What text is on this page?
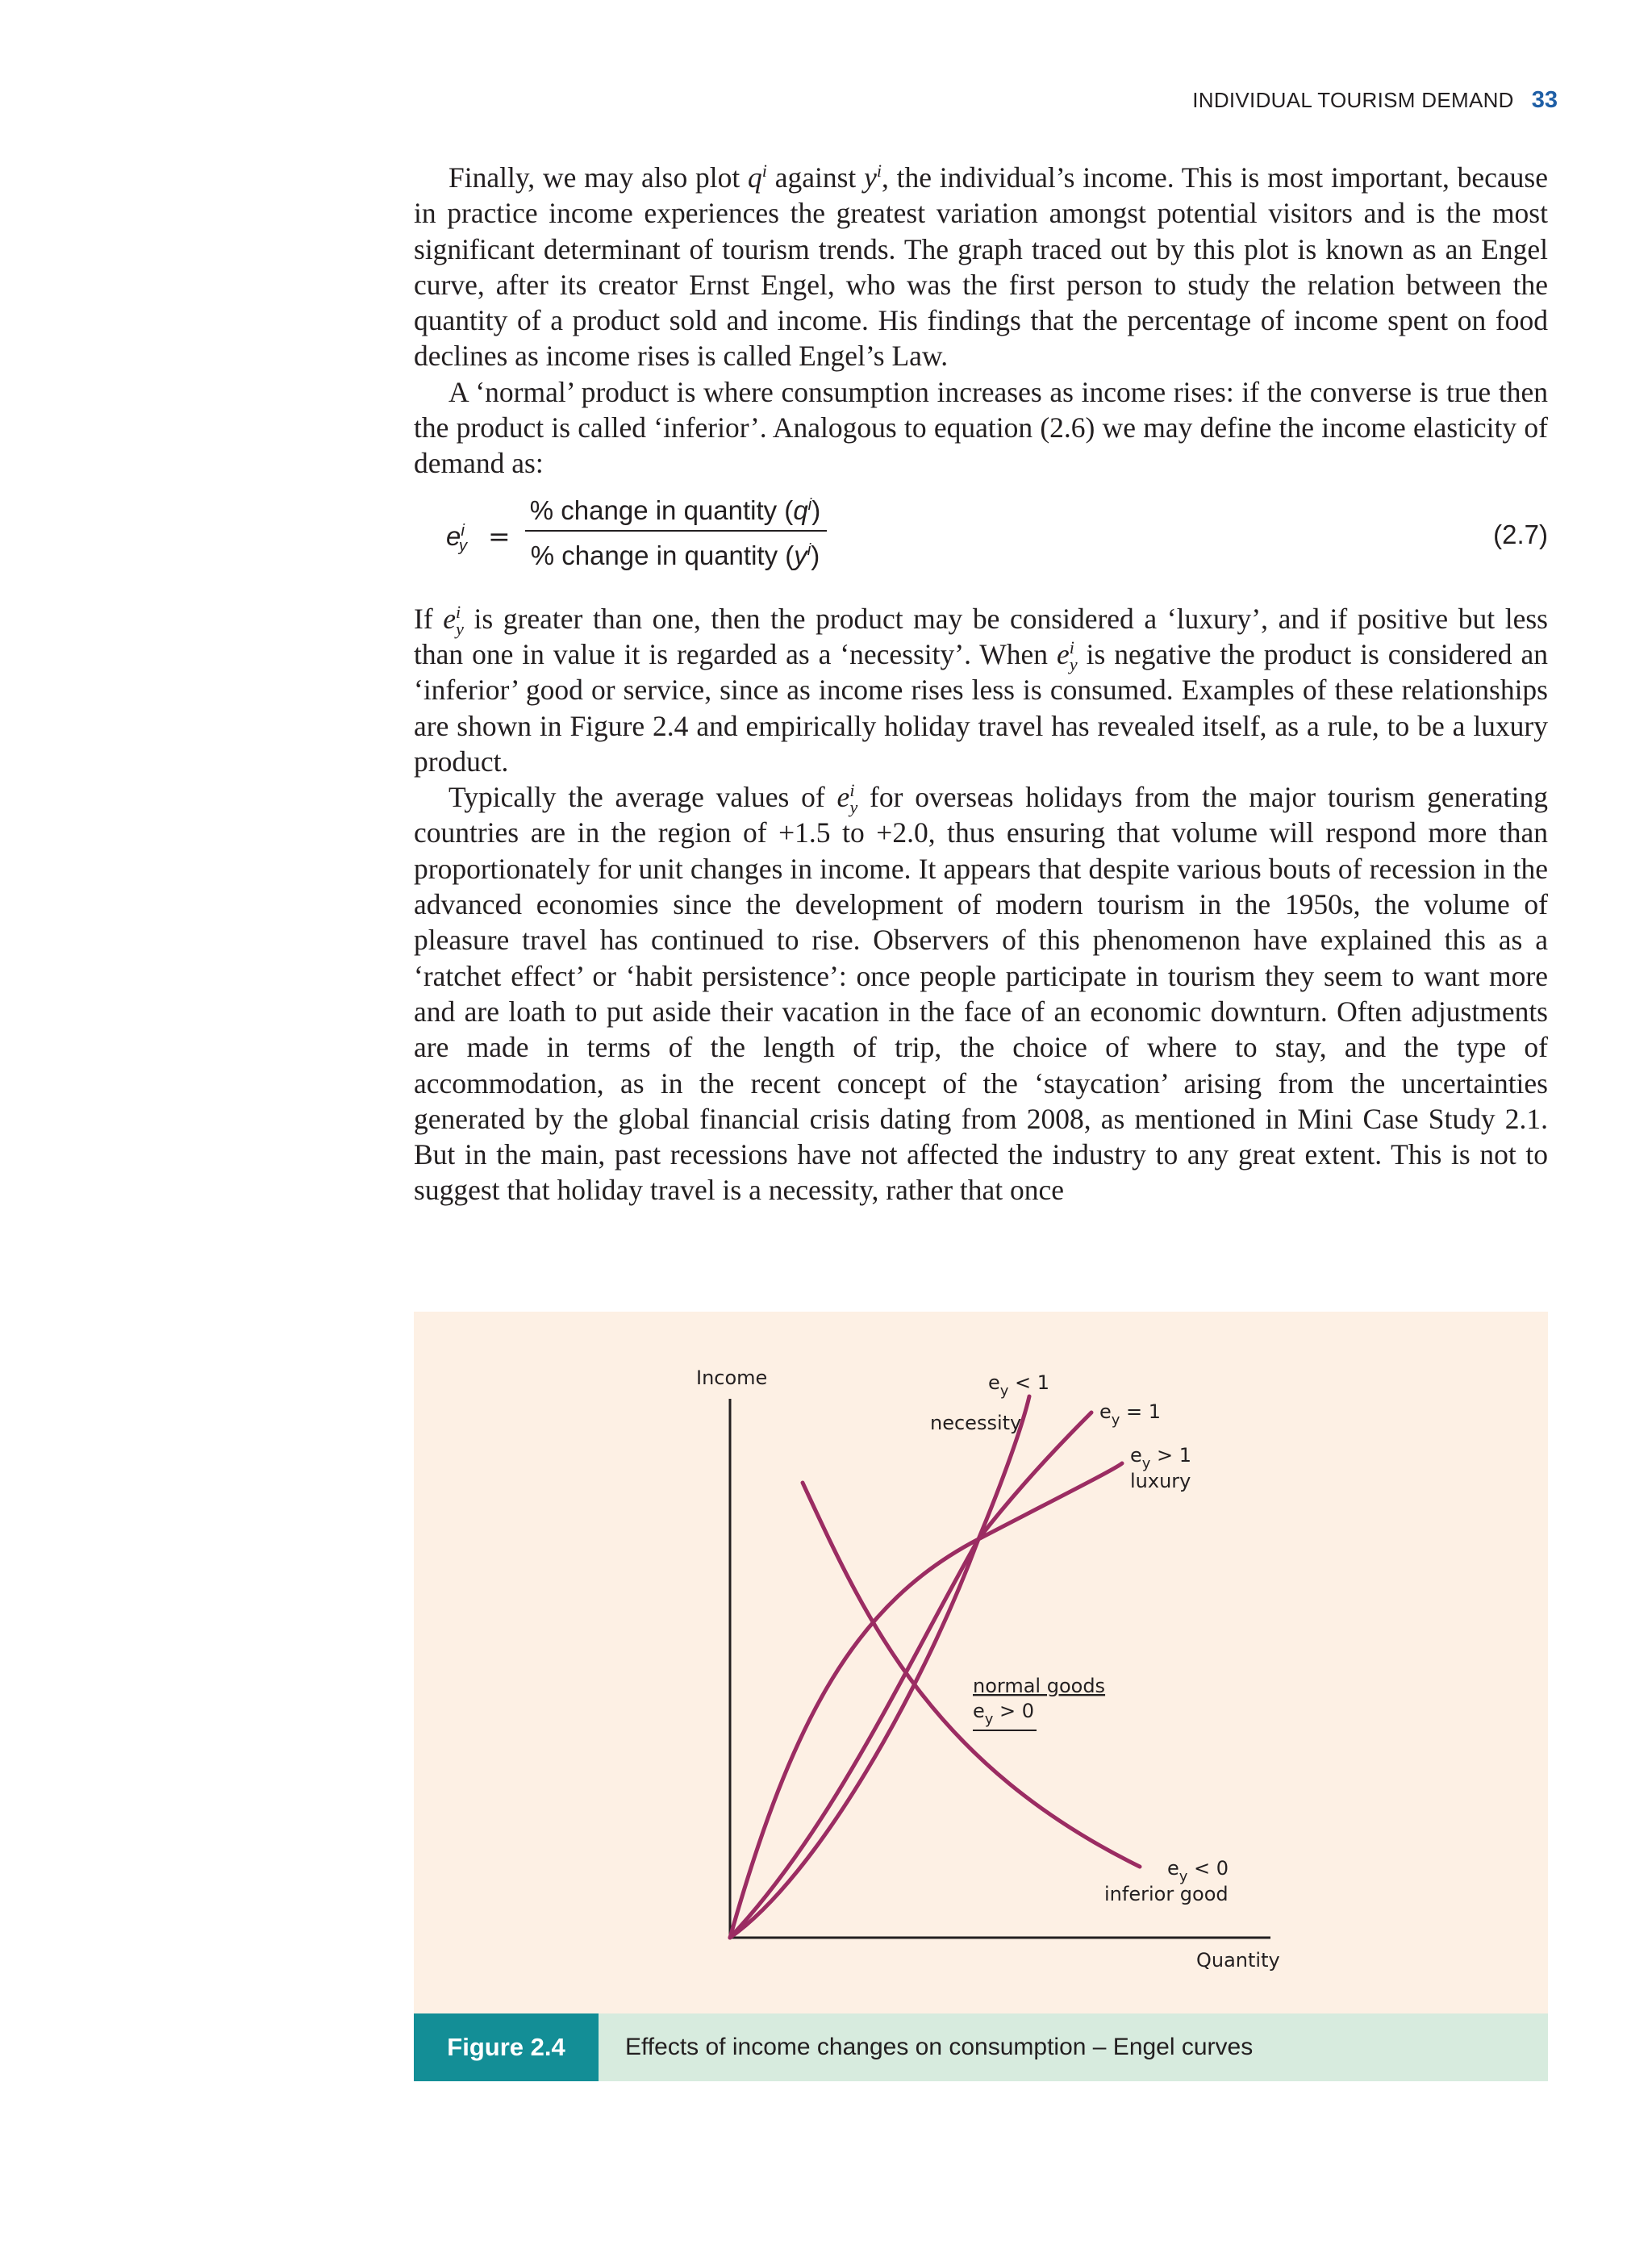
INDIVIDUAL TOURISM DEMAND 33

Finally, we may also plot $q^i$ against $y^i$, the individual’s income. This is most important, because in practice income experiences the greatest variation amongst potential visitors and is the most significant determinant of tourism trends. The graph traced out by this plot is known as an Engel curve, after its creator Ernst Engel, who was the first person to study the relation between the quantity of a product sold and income. His findings that the percentage of income spent on food declines as income rises is called Engel’s Law.

A ‘normal’ product is where consumption increases as income rises: if the converse is true then the product is called ‘inferior’. Analogous to equation (2.6) we may define the income elasticity of demand as:

$e^i_y$ =
% change in quantity $(q^i)$
% change in quantity $(y^i)$
(2.7)

If $e^i_y$ is greater than one, then the product may be considered a ‘luxury’, and if positive but less than one in value it is regarded as a ‘necessity’. When $e^i_y$ is negative the product is considered an ‘inferior’ good or service, since as income rises less is consumed. Examples of these relationships are shown in Figure 2.4 and empirically holiday travel has revealed itself, as a rule, to be a luxury product.

Typically the average values of $e^i_y$ for overseas holidays from the major tourism generating countries are in the region of +1.5 to +2.0, thus ensuring that volume will respond more than proportionately for unit changes in income. It appears that despite various bouts of recession in the advanced economies since the development of modern tourism in the 1950s, the volume of pleasure travel has continued to rise. Observers of this phenomenon have explained this as a ‘ratchet effect’ or ‘habit persistence’: once people participate in tourism they seem to want more and are loath to put aside their vacation in the face of an economic downturn. Often adjustments are made in terms of the length of trip, the choice of where to stay, and the type of accommodation, as in the recent concept of the ‘staycation’ arising from the uncertainties generated by the global financial crisis dating from 2008, as mentioned in Mini Case Study 2.1. But in the main, past recessions have not affected the industry to any great extent. This is not to suggest that holiday travel is a necessity, rather that once

Income
Quantity
$e_y < 1$
necessity	$e_y = 1$
$e_y > 1$
luxury
normal goods
$e_y > 0$
$e_y < 0$
inferior good
Figure 2.4	Effects of income changes on consumption – Engel curves
